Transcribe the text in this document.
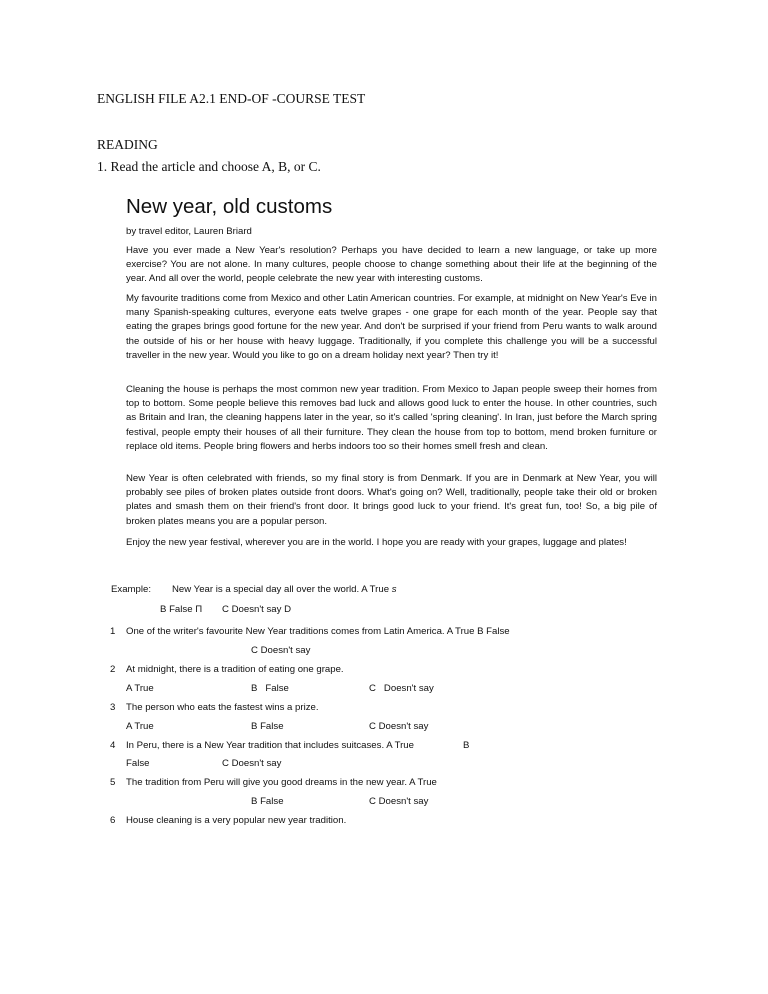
ENGLISH FILE A2.1 END-OF -COURSE TEST
READING
1. Read the article and choose A, B, or C.
New year, old customs
by travel editor, Lauren Briard

Have you ever made a New Year's resolution? Perhaps you have decided to learn a new language, or take up more exercise? You are not alone. In many cultures, people choose to change something about their life at the beginning of the year. And all over the world, people celebrate the new year with interesting customs.

My favourite traditions come from Mexico and other Latin American countries. For example, at midnight on New Year's Eve in many Spanish-speaking cultures, everyone eats twelve grapes - one grape for each month of the year. People say that eating the grapes brings good fortune for the new year. And don't be surprised if your friend from Peru wants to walk around the outside of his or her house with heavy luggage. Traditionally, if you complete this challenge you will be a successful traveller in the new year. Would you like to go on a dream holiday next year? Then try it!

Cleaning the house is perhaps the most common new year tradition. From Mexico to Japan people sweep their homes from top to bottom. Some people believe this removes bad luck and allows good luck to enter the house. In other countries, such as Britain and Iran, the cleaning happens later in the year, so it's called 'spring cleaning'. In Iran, just before the March spring festival, people empty their houses of all their furniture. They clean the house from top to bottom, mend broken furniture or replace old items. People bring flowers and herbs indoors too so their homes smell fresh and clean.

New Year is often celebrated with friends, so my final story is from Denmark. If you are in Denmark at New Year, you will probably see piles of broken plates outside front doors. What's going on? Well, traditionally, people take their old or broken plates and smash them on their friend's front door. It brings good luck to your friend. It's great fun, too! So, a big pile of broken plates means you are a popular person.

Enjoy the new year festival, wherever you are in the world. I hope you are ready with your grapes, luggage and plates!

Example: New Year is a special day all over the world. A True s
B False П C Doesn't say D
1 One of the writer's favourite New Year traditions comes from Latin America. A True B False
C Doesn't say
2 At midnight, there is a tradition of eating one grape.
A True	B   False	C   Doesn't say
3 The person who eats the fastest wins a prize.
A True	B False	C Doesn't say
4 In Peru, there is a New Year tradition that includes suitcases. A True	B
False	C Doesn't say
5 The tradition from Peru will give you good dreams in the new year. A True
B False	C Doesn't say
6 House cleaning is a very popular new year tradition.
